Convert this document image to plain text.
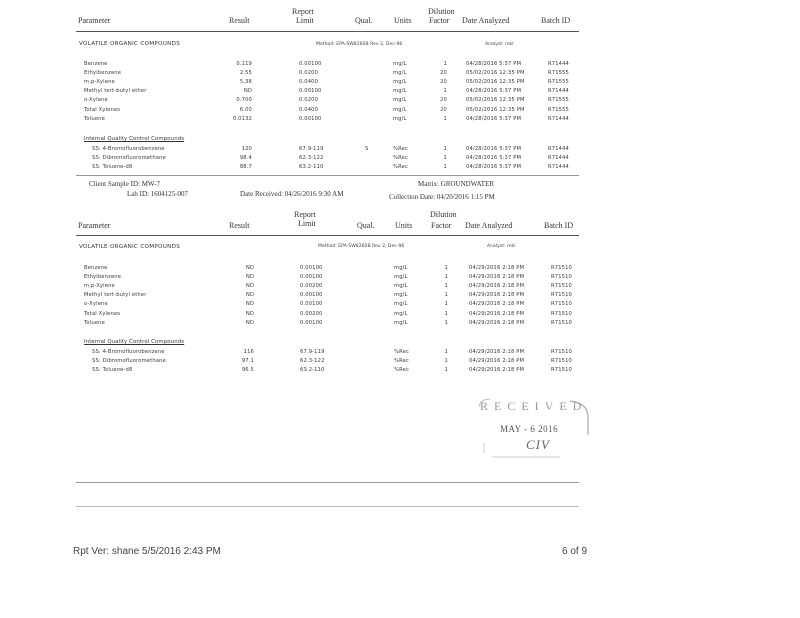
Parameter	Result
Report
Limit	Qual.	Units
Dilution
Factor Date Analyzed	Batch ID
VOLATILE ORGANIC COMPOUNDS	Method: EPA-SW8260B Rev 2, Dec-96	Analyst: mkl
Benzene	0.119	0.00100	mg/L	1	04/28/2016 5:37 PM	R71444
Ethylbenzene	2.55	0.0200	mg/L	20	05/02/2016 12:35 PM	R71555
m,p-Xylene	5.38	0.0400	mg/L	20	05/02/2016 12:35 PM	R71555
Methyl tert-butyl ether	ND	0.00100	mg/L	1	04/28/2016 5:37 PM	R71444
o-Xylene	0.700	0.0200	mg/L	20	05/02/2016 12:35 PM	R71555
Total Xylenes	6.00	0.0400	mg/L	20	05/02/2016 12:35 PM	R71555
Toluene	0.0132	0.00100	mg/L	1	04/28/2016 5:37 PM	R71444
Internal Quality Control Compounds
SS: 4-Bromofluorobenzene	120	67.9-119	S	%Rec	1	04/28/2016 5:37 PM	R71444
SS: Dibromofluoromethane	98.4	62.3-122	%Rec	1	04/28/2016 5:37 PM	R71444
SS: Toluene-d8	88.7	63.2-110	%Rec	1	04/28/2016 5:37 PM	R71444
Client Sample ID: MW-7
Lab ID: 1604125-007	Date Received: 04/26/2016 9:30 AM
Matrix: GROUNDWATER
Collection Date: 04/20/2016 1:15 PM
Parameter	Result
Report
Limit	Qual.	Units
Dilution
Factor Date Analyzed	Batch ID
VOLATILE ORGANIC COMPOUNDS	Method: EPA-SW8260B Rev 2, Dec-96	Analyst: mkl
Benzene	ND	0.00100	mg/L	1	04/29/2016 2:18 PM	R71510
Ethylbenzene	ND	0.00100	mg/L	1	04/29/2016 2:18 PM	R71510
m,p-Xylene	ND	0.00200	mg/L	1	04/29/2016 2:18 PM	R71510
Methyl tert-butyl ether	ND	0.00100	mg/L	1	04/29/2016 2:18 PM	R71510
o-Xylene	ND	0.00100	mg/L	1	04/29/2016 2:18 PM	R71510
Total Xylenes	ND	0.00200	mg/L	1	04/29/2016 2:18 PM	R71510
Toluene	ND	0.00100	mg/L	1	04/29/2016 2:18 PM	R71510
Internal Quality Control Compounds
SS: 4-Bromofluorobenzene	116	67.9-119	%Rec	1	04/29/2016 2:18 PM	R71510
SS: Dibromofluoromethane	97.1	62.3-122	%Rec	1	04/29/2016 2:18 PM	R71510
SS: Toluene-d8	96.5	63.2-110	%Rec	1	04/29/2016 2:18 PM	R71510
RECEIVED
MAY - 6 2016
CIV
Rpt Ver: shane 5/5/2016 2:43 PM	6 of 9
